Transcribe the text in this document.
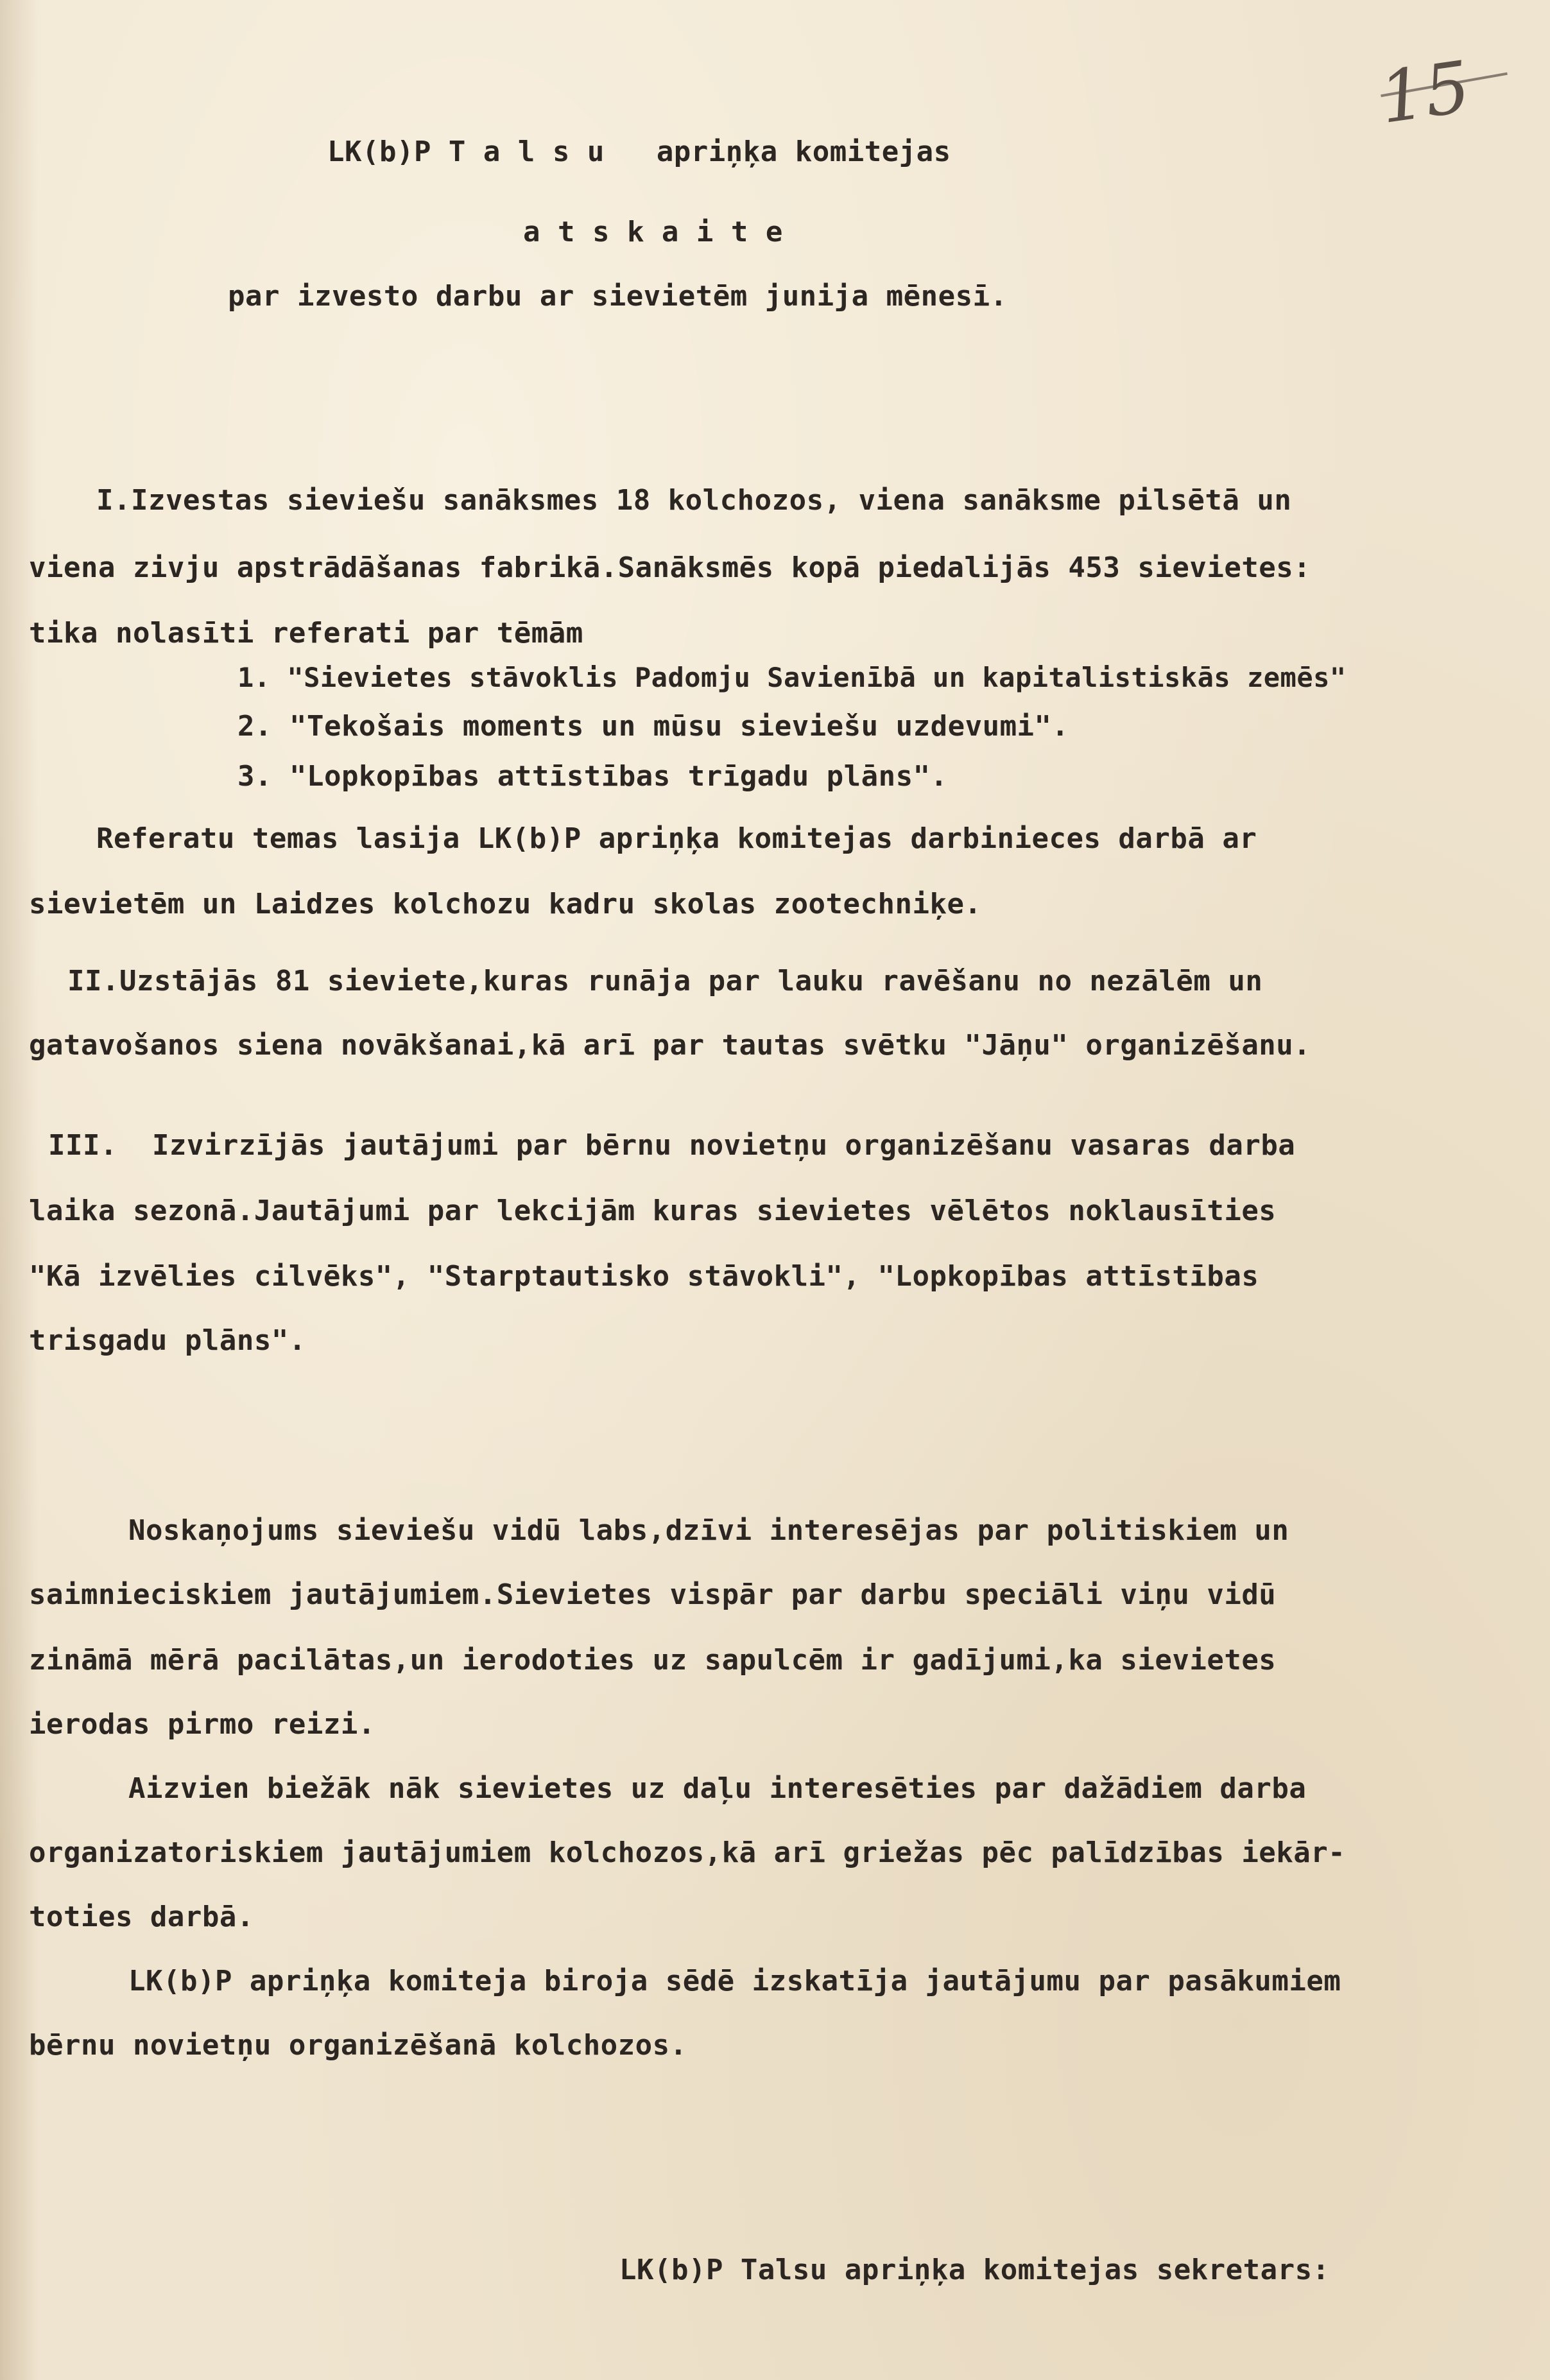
15
LK(b)P T a l s u   apriņķa komitejas
a t s k a i t e
par izvesto darbu ar sievietēm junija mēnesī.
I.Izvestas sieviešu sanāksmes 18 kolchozos, viena sanāksme pilsētā un
viena zivju apstrādāšanas fabrikā.Sanāksmēs kopā piedalijās 453 sievietes:
tika nolasīti referati par tēmām
1. "Sievietes stāvoklis Padomju Savienībā un kapitalistiskās zemēs"
2. "Tekošais moments un mūsu sieviešu uzdevumi".
3. "Lopkopības attīstības trīgadu plāns".
Referatu temas lasija LK(b)P apriņķa komitejas darbinieces darbā ar
sievietēm un Laidzes kolchozu kadru skolas zootechniķe.
II.Uzstājās 81 sieviete,kuras runāja par lauku ravēšanu no nezālēm un
gatavošanos siena novākšanai,kā arī par tautas svētku "Jāņu" organizēšanu.
III.  Izvirzījās jautājumi par bērnu novietņu organizēšanu vasaras darba
laika sezonā.Jautājumi par lekcijām kuras sievietes vēlētos noklausīties
"Kā izvēlies cilvēks", "Starptautisko stāvokli", "Lopkopības attīstības
trisgadu plāns".
Noskaņojums sieviešu vidū labs,dzīvi interesējas par politiskiem un
saimnieciskiem jautājumiem.Sievietes vispār par darbu speciāli viņu vidū
zināmā mērā pacilātas,un ierodoties uz sapulcēm ir gadījumi,ka sievietes
ierodas pirmo reizi.
Aizvien biežāk nāk sievietes uz daļu interesēties par dažādiem darba
organizatoriskiem jautājumiem kolchozos,kā arī griežas pēc palīdzības iekār-
toties darbā.
LK(b)P apriņķa komiteja biroja sēdē izskatīja jautājumu par pasākumiem
bērnu novietņu organizēšanā kolchozos.
LK(b)P Talsu apriņķa komitejas sekretars:
